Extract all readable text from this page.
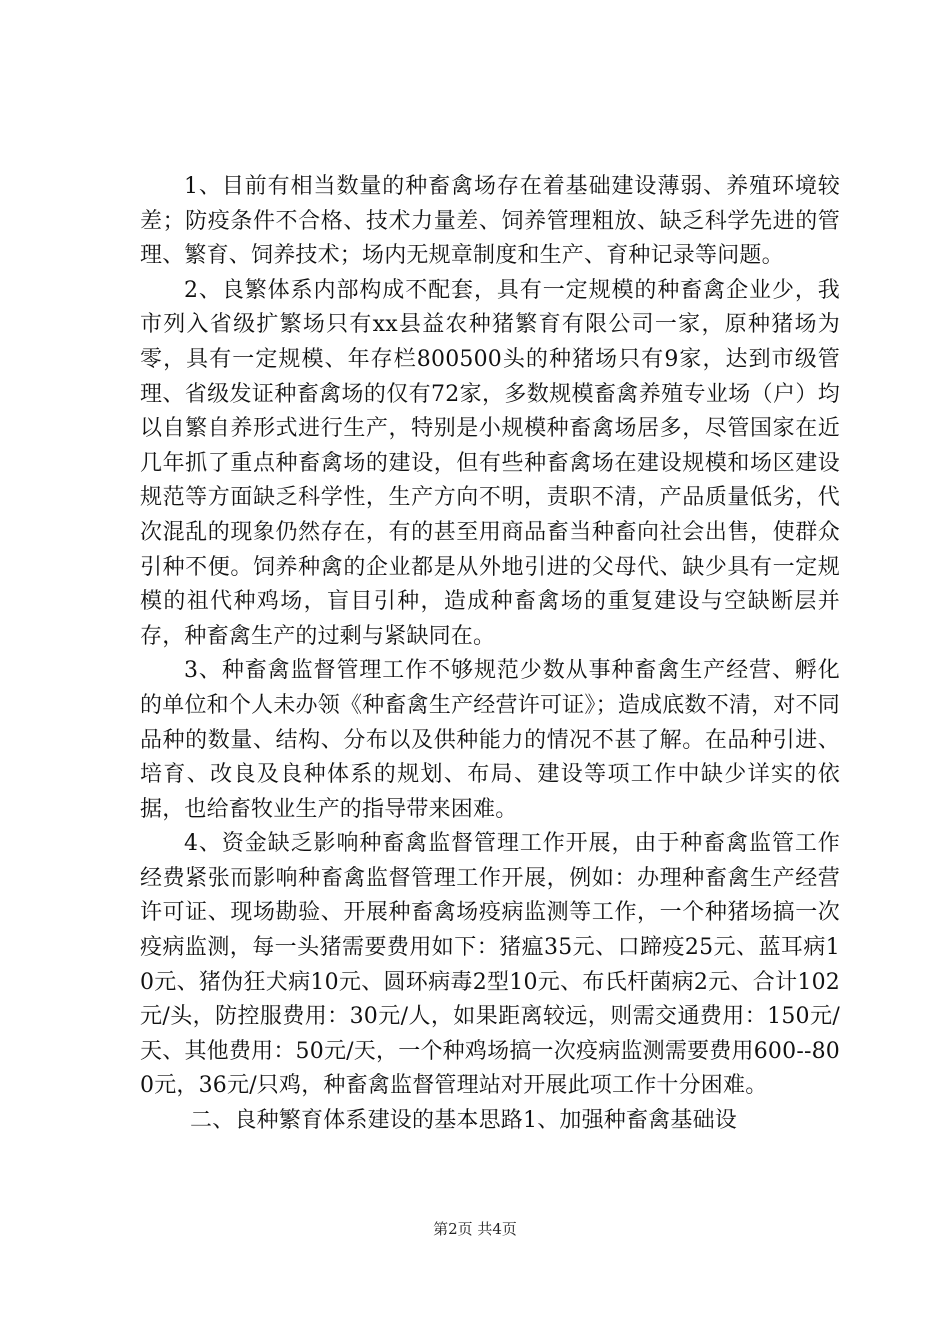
1、目前有相当数量的种畜禽场存在着基础建设薄弱、养殖环境较差；防疫条件不合格、技术力量差、饲养管理粗放、缺乏科学先进的管理、繁育、饲养技术；场内无规章制度和生产、育种记录等问题。

2、良繁体系内部构成不配套，具有一定规模的种畜禽企业少，我市列入省级扩繁场只有xx县益农种猪繁育有限公司一家，原种猪场为零，具有一定规模、年存栏800500头的种猪场只有9家，达到市级管理、省级发证种畜禽场的仅有72家，多数规模畜禽养殖专业场（户）均以自繁自养形式进行生产，特别是小规模种畜禽场居多，尽管国家在近几年抓了重点种畜禽场的建设，但有些种畜禽场在建设规模和场区建设规范等方面缺乏科学性，生产方向不明，责职不清，产品质量低劣，代次混乱的现象仍然存在，有的甚至用商品畜当种畜向社会出售，使群众引种不便。饲养种禽的企业都是从外地引进的父母代、缺少具有一定规模的祖代种鸡场，盲目引种，造成种畜禽场的重复建设与空缺断层并存，种畜禽生产的过剩与紧缺同在。

3、种畜禽监督管理工作不够规范少数从事种畜禽生产经营、孵化的单位和个人未办领《种畜禽生产经营许可证》；造成底数不清，对不同品种的数量、结构、分布以及供种能力的情况不甚了解。在品种引进、培育、改良及良种体系的规划、布局、建设等项工作中缺少详实的依据，也给畜牧业生产的指导带来困难。

4、资金缺乏影响种畜禽监督管理工作开展，由于种畜禽监管工作经费紧张而影响种畜禽监督管理工作开展，例如：办理种畜禽生产经营许可证、现场勘验、开展种畜禽场疫病监测等工作，一个种猪场搞一次疫病监测，每一头猪需要费用如下：猪瘟35元、口蹄疫25元、蓝耳病10元、猪伪狂犬病10元、圆环病毒2型10元、布氏杆菌病2元、合计102元/头，防控服费用：30元/人，如果距离较远，则需交通费用：150元/天、其他费用：50元/天，一个种鸡场搞一次疫病监测需要费用600--800元，36元/只鸡，种畜禽监督管理站对开展此项工作十分困难。

二、良种繁育体系建设的基本思路1、加强种畜禽基础设

第2页 共4页
